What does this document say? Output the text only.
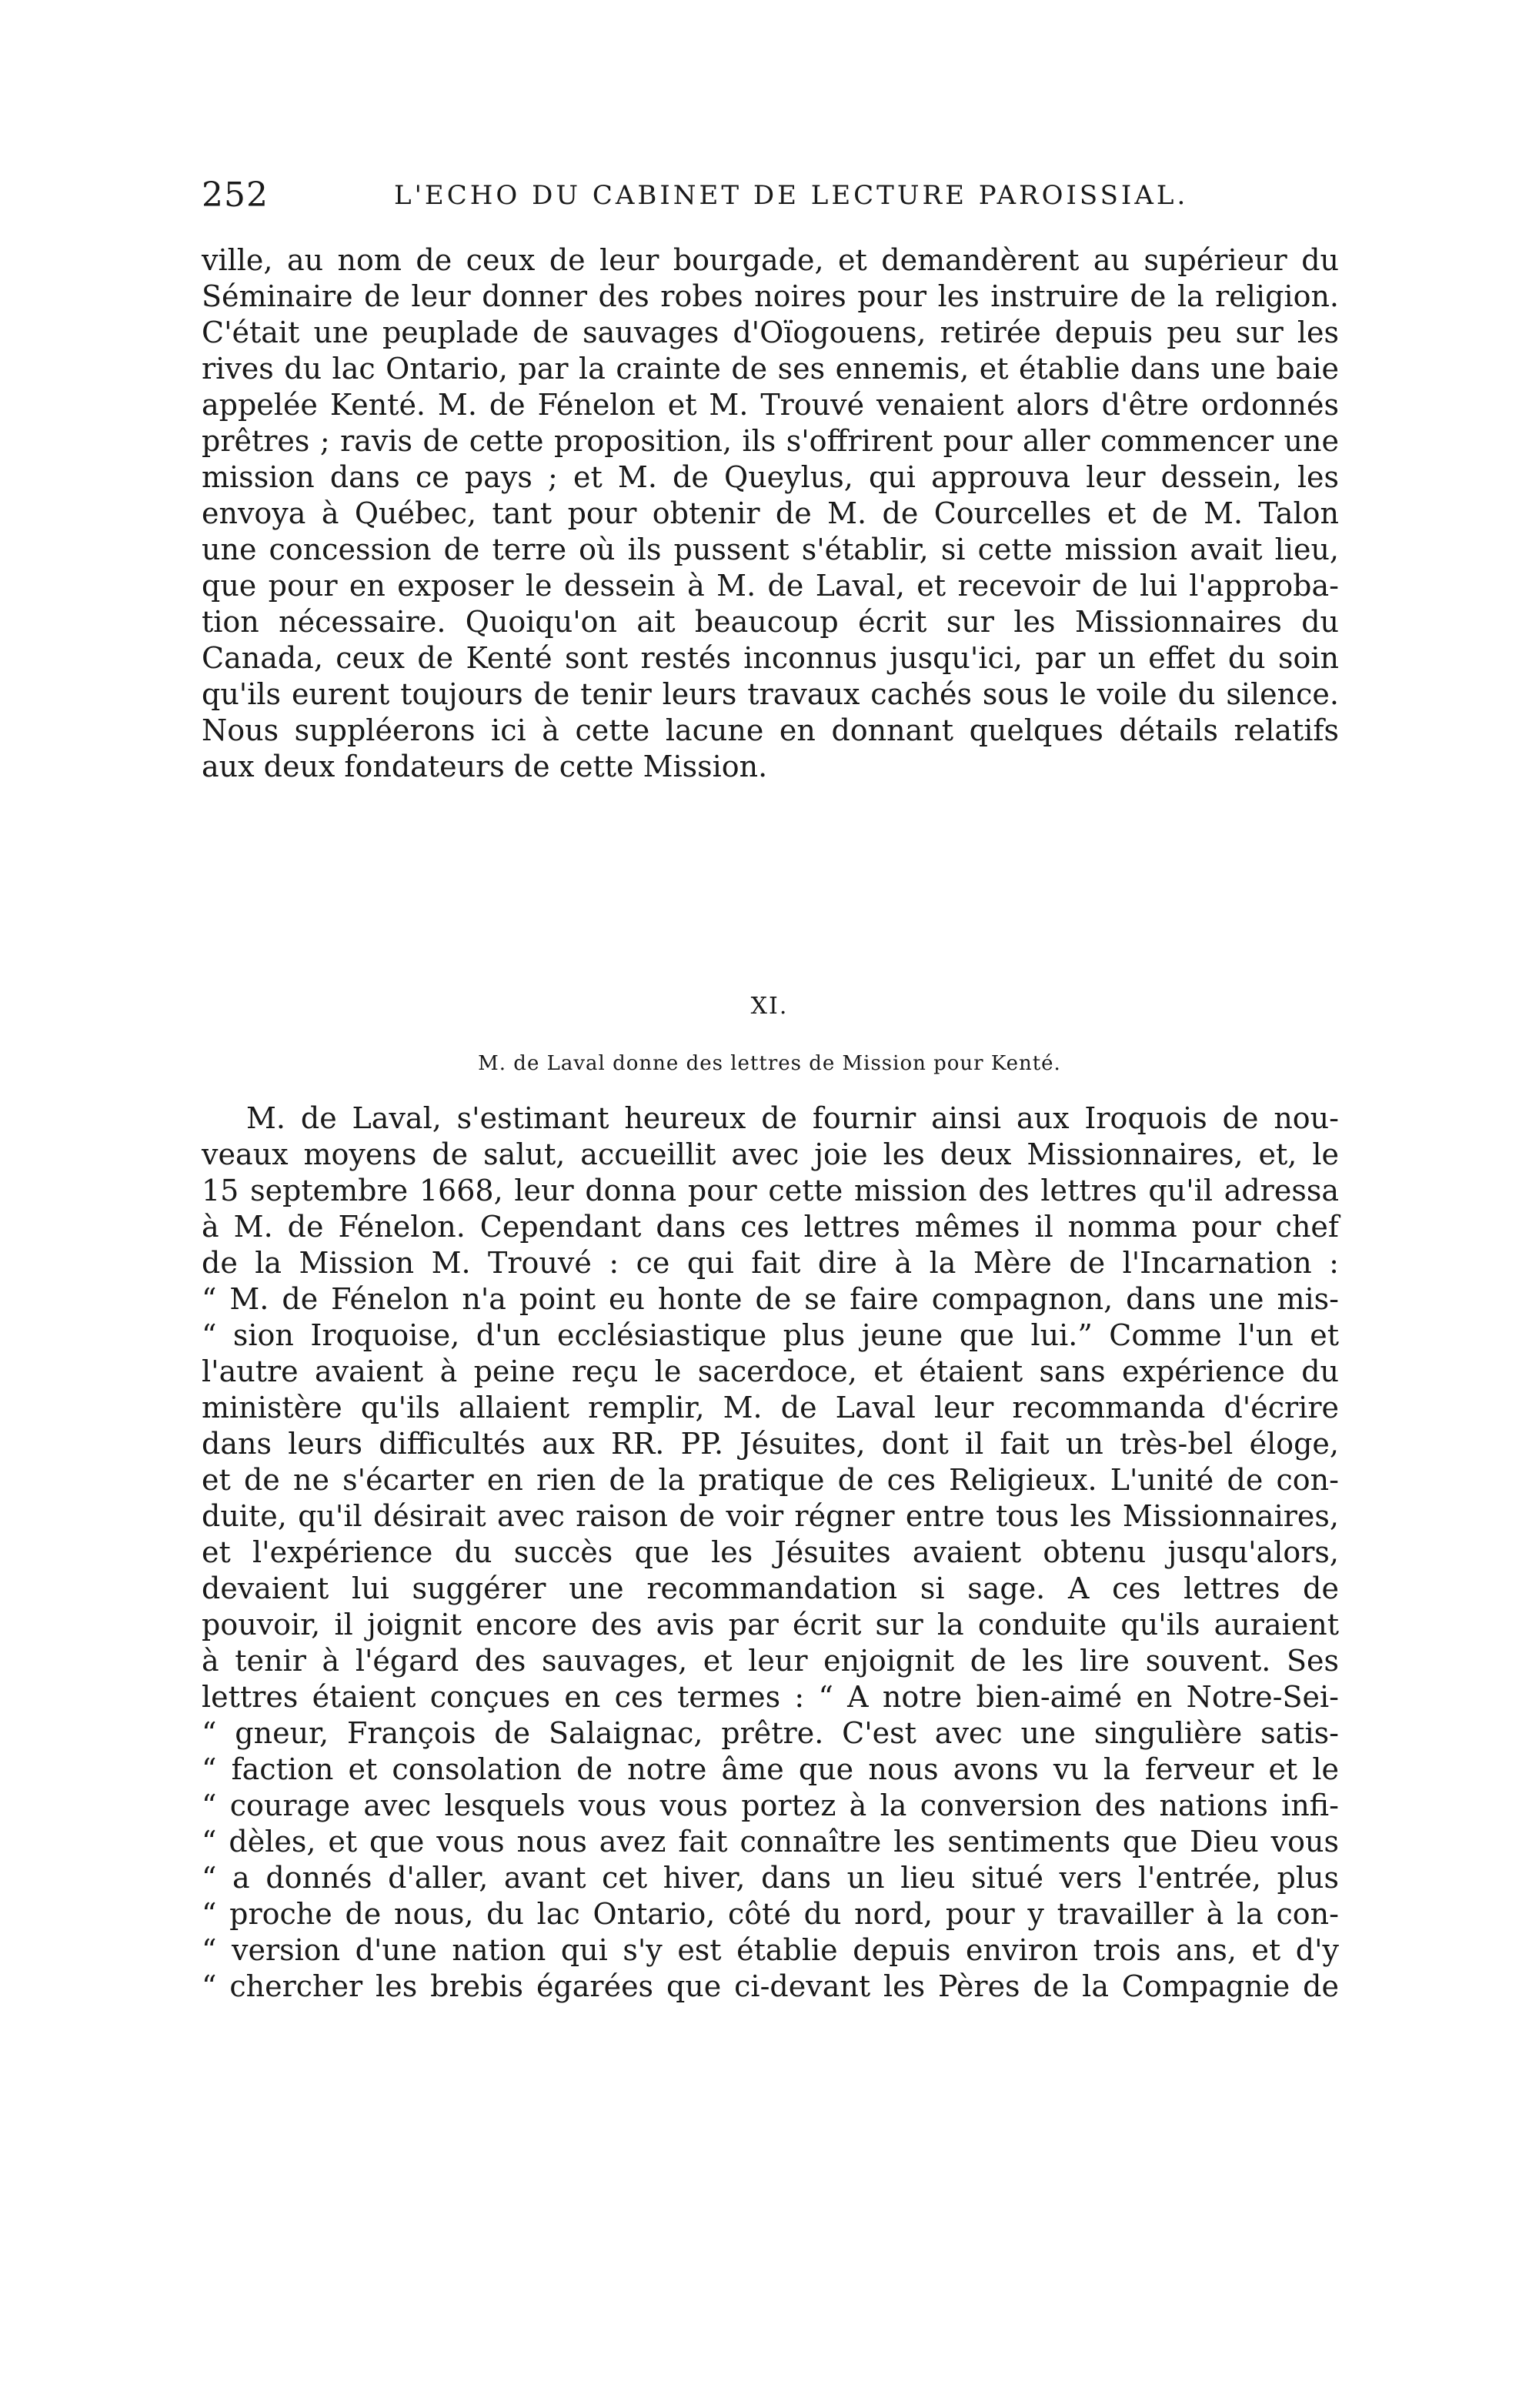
252	L'ECHO DU CABINET DE LECTURE PAROISSIAL.
ville, au nom de ceux de leur bourgade, et demandèrent au supérieur du
Séminaire de leur donner des robes noires pour les instruire de la religion.
C'était une peuplade de sauvages d'Oïogouens, retirée depuis peu sur les
rives du lac Ontario, par la crainte de ses ennemis, et établie dans une baie
appelée Kenté. M. de Fénelon et M. Trouvé venaient alors d'être ordonnés
prêtres ; ravis de cette proposition, ils s'offrirent pour aller commencer une
mission dans ce pays ; et M. de Queylus, qui approuva leur dessein, les
envoya à Québec, tant pour obtenir de M. de Courcelles et de M. Talon
une concession de terre où ils pussent s'établir, si cette mission avait lieu,
que pour en exposer le dessein à M. de Laval, et recevoir de lui l'approba-
tion nécessaire. Quoiqu'on ait beaucoup écrit sur les Missionnaires du
Canada, ceux de Kenté sont restés inconnus jusqu'ici, par un effet du soin
qu'ils eurent toujours de tenir leurs travaux cachés sous le voile du silence.
Nous suppléerons ici à cette lacune en donnant quelques détails relatifs
aux deux fondateurs de cette Mission.
XI.
M. de Laval donne des lettres de Mission pour Kenté.
M. de Laval, s'estimant heureux de fournir ainsi aux Iroquois de nou-
veaux moyens de salut, accueillit avec joie les deux Missionnaires, et, le
15 septembre 1668, leur donna pour cette mission des lettres qu'il adressa
à M. de Fénelon. Cependant dans ces lettres mêmes il nomma pour chef
de la Mission M. Trouvé : ce qui fait dire à la Mère de l'Incarnation :
“ M. de Fénelon n'a point eu honte de se faire compagnon, dans une mis-
“ sion Iroquoise, d'un ecclésiastique plus jeune que lui.” Comme l'un et
l'autre avaient à peine reçu le sacerdoce, et étaient sans expérience du
ministère qu'ils allaient remplir, M. de Laval leur recommanda d'écrire
dans leurs difficultés aux RR. PP. Jésuites, dont il fait un très-bel éloge,
et de ne s'écarter en rien de la pratique de ces Religieux. L'unité de con-
duite, qu'il désirait avec raison de voir régner entre tous les Missionnaires,
et l'expérience du succès que les Jésuites avaient obtenu jusqu'alors,
devaient lui suggérer une recommandation si sage. A ces lettres de
pouvoir, il joignit encore des avis par écrit sur la conduite qu'ils auraient
à tenir à l'égard des sauvages, et leur enjoignit de les lire souvent. Ses
lettres étaient conçues en ces termes : “ A notre bien-aimé en Notre-Sei-
“ gneur, François de Salaignac, prêtre. C'est avec une singulière satis-
“ faction et consolation de notre âme que nous avons vu la ferveur et le
“ courage avec lesquels vous vous portez à la conversion des nations infi-
“ dèles, et que vous nous avez fait connaître les sentiments que Dieu vous
“ a donnés d'aller, avant cet hiver, dans un lieu situé vers l'entrée, plus
“ proche de nous, du lac Ontario, côté du nord, pour y travailler à la con-
“ version d'une nation qui s'y est établie depuis environ trois ans, et d'y
“ chercher les brebis égarées que ci-devant les Pères de la Compagnie de
